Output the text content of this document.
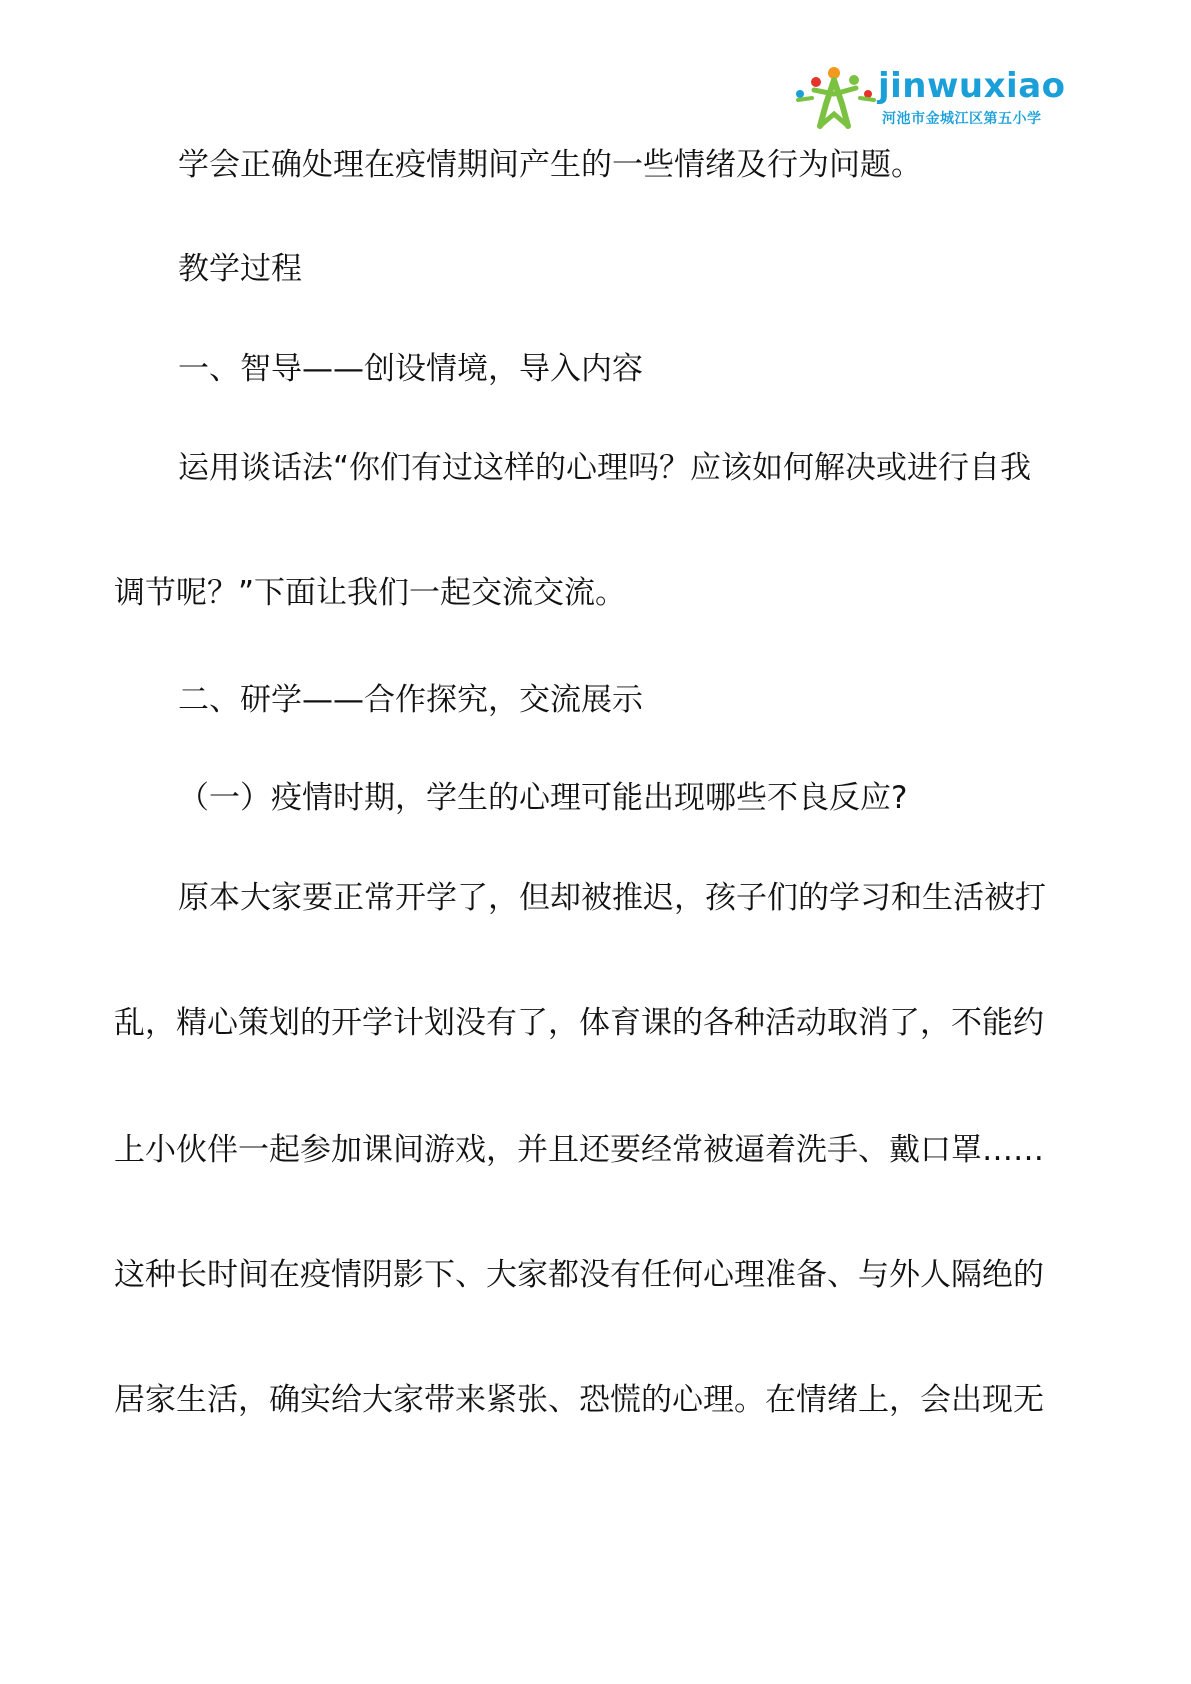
jinwuxiao
河池市金城江区第五小学
学会正确处理在疫情期间产生的一些情绪及行为问题。
教学过程
一、智导——创设情境，导入内容
运用谈话法“你们有过这样的心理吗？应该如何解决或进行自我
调节呢？”下面让我们一起交流交流。
二、研学——合作探究，交流展示
（一）疫情时期，学生的心理可能出现哪些不良反应?
原本大家要正常开学了，但却被推迟，孩子们的学习和生活被打
乱，精心策划的开学计划没有了，体育课的各种活动取消了，不能约
上小伙伴一起参加课间游戏，并且还要经常被逼着洗手、戴口罩……
这种长时间在疫情阴影下、大家都没有任何心理准备、与外人隔绝的
居家生活，确实给大家带来紧张、恐慌的心理。在情绪上，会出现无
